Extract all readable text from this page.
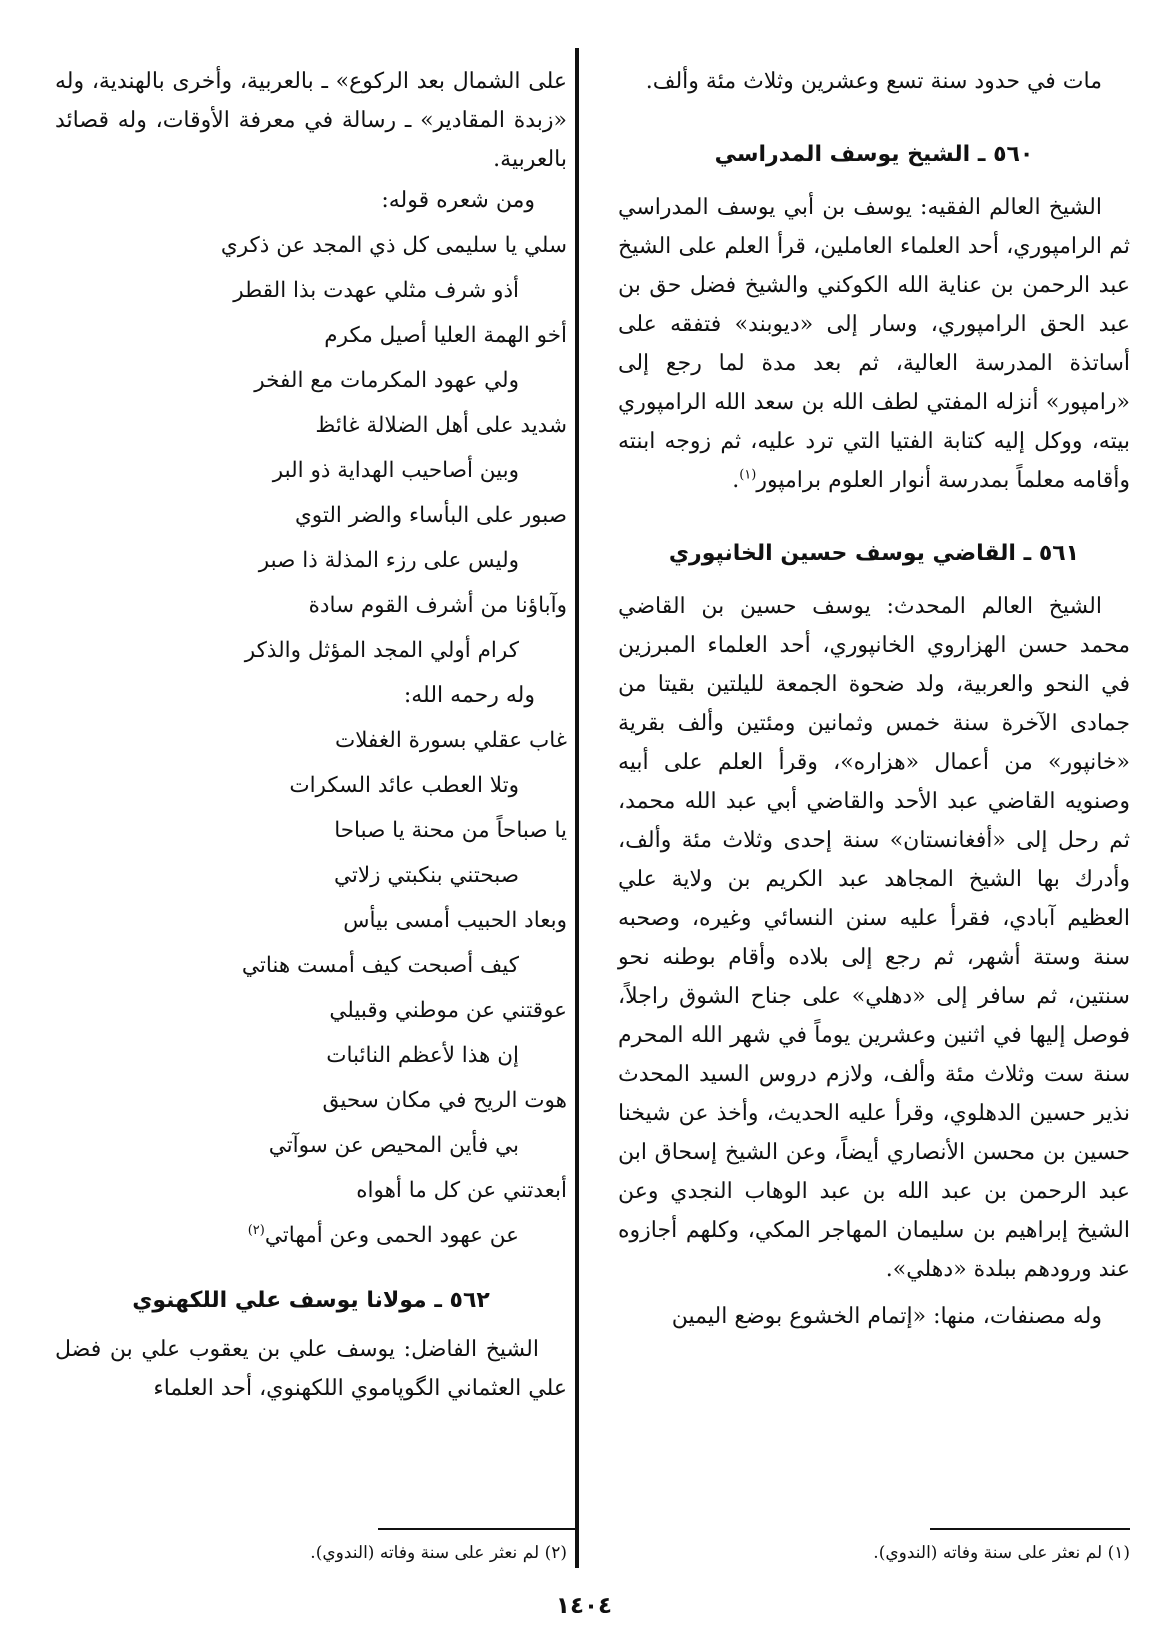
مات في حدود سنة تسع وعشرين وثلاث مئة وألف.

٥٦٠ ـ الشيخ يوسف المدراسي

الشيخ العالم الفقيه: يوسف بن أبي يوسف المدراسي ثم الرامپوري، أحد العلماء العاملين، قرأ العلم على الشيخ عبد الرحمن بن عناية الله الكوكني والشيخ فضل حق بن عبد الحق الرامپوري، وسار إلى «ديوبند» فتفقه على أساتذة المدرسة العالية، ثم بعد مدة لما رجع إلى «رامپور» أنزله المفتي لطف الله بن سعد الله الرامپوري بيته، ووكل إليه كتابة الفتيا التي ترد عليه، ثم زوجه ابنته وأقامه معلماً بمدرسة أنوار العلوم برامپور$^{(١)}$.

٥٦١ ـ القاضي يوسف حسين الخانپوري

الشيخ العالم المحدث: يوسف حسين بن القاضي محمد حسن الهزاروي الخانپوري، أحد العلماء المبرزين في النحو والعربية، ولد ضحوة الجمعة لليلتين بقيتا من جمادى الآخرة سنة خمس وثمانين ومئتين وألف بقرية «خانپور» من أعمال «هزاره»، وقرأ العلم على أبيه وصنويه القاضي عبد الأحد والقاضي أبي عبد الله محمد، ثم رحل إلى «أفغانستان» سنة إحدى وثلاث مئة وألف، وأدرك بها الشيخ المجاهد عبد الكريم بن ولاية علي العظيم آبادي، فقرأ عليه سنن النسائي وغيره، وصحبه سنة وستة أشهر، ثم رجع إلى بلاده وأقام بوطنه نحو سنتين، ثم سافر إلى «دهلي» على جناح الشوق راجلاً، فوصل إليها في اثنين وعشرين يوماً في شهر الله المحرم سنة ست وثلاث مئة وألف، ولازم دروس السيد المحدث نذير حسين الدهلوي، وقرأ عليه الحديث، وأخذ عن شيخنا حسين بن محسن الأنصاري أيضاً، وعن الشيخ إسحاق ابن عبد الرحمن بن عبد الله بن عبد الوهاب النجدي وعن الشيخ إبراهيم بن سليمان المهاجر المكي، وكلهم أجازوه عند ورودهم ببلدة «دهلي».

وله مصنفات، منها: «إتمام الخشوع بوضع اليمين

على الشمال بعد الركوع» ـ بالعربية، وأخرى بالهندية، وله «زبدة المقادير» ـ رسالة في معرفة الأوقات، وله قصائد بالعربية.

ومن شعره قوله:

سلي يا سليمى كل ذي المجد عن ذكري
أذو شرف مثلي عهدت بذا القطر
أخو الهمة العليا أصيل مكرم
ولي عهود المكرمات مع الفخر
شديد على أهل الضلالة غائظ
وبين أصاحيب الهداية ذو البر
صبور على البأساء والضر التوي
وليس على رزء المذلة ذا صبر
وآباؤنا من أشرف القوم سادة
كرام أولي المجد المؤثل والذكر

وله رحمه الله:

غاب عقلي بسورة الغفلات
وتلا العطب عائد السكرات
يا صباحاً من محنة يا صباحا
صبحتني بنكبتي زلاتي
وبعاد الحبيب أمسى بيأس
كيف أصبحت كيف أمست هناتي
عوقتني عن موطني وقبيلي
إن هذا لأعظم النائبات
هوت الريح في مكان سحيق
بي فأين المحيص عن سوآتي
أبعدتني عن كل ما أهواه
عن عهود الحمى وعن أمهاتي$^{(٢)}$
٥٦٢ ـ مولانا يوسف علي اللكهنوي

الشيخ الفاضل: يوسف علي بن يعقوب علي بن فضل علي العثماني الگوپاموي اللكهنوي، أحد العلماء

(١) لم نعثر على سنة وفاته (الندوي).
(٢) لم نعثر على سنة وفاته (الندوي).
١٤٠٤
